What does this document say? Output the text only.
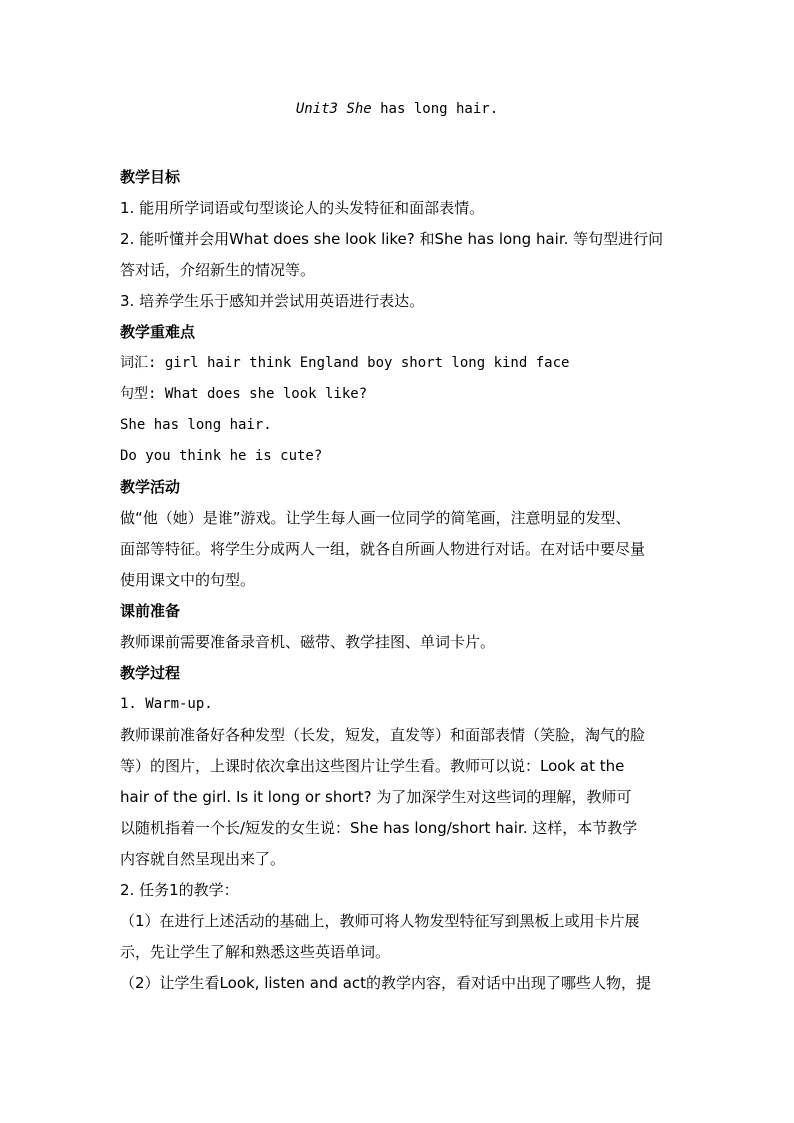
Unit3 She has long hair.
教学目标
1. 能用所学词语或句型谈论人的头发特征和面部表情。
2. 能听懂并会用What does she look like? 和She has long hair. 等句型进行问
答对话，介绍新生的情况等。
3. 培养学生乐于感知并尝试用英语进行表达。
教学重难点
词汇: girl hair think England boy short long kind face
句型: What does she look like?
She has long hair.
Do you think he is cute?
教学活动
做“他（她）是谁”游戏。让学生每人画一位同学的简笔画，注意明显的发型、
面部等特征。将学生分成两人一组，就各自所画人物进行对话。在对话中要尽量
使用课文中的句型。
课前准备
教师课前需要准备录音机、磁带、教学挂图、单词卡片。
教学过程
1. Warm-up.
教师课前准备好各种发型（长发，短发，直发等）和面部表情（笑脸，淘气的脸
等）的图片，上课时依次拿出这些图片让学生看。教师可以说：Look at the
hair of the girl. Is it long or short? 为了加深学生对这些词的理解，教师可
以随机指着一个长/短发的女生说：She has long/short hair. 这样，本节教学
内容就自然呈现出来了。
2. 任务1的教学：
（1）在进行上述活动的基础上，教师可将人物发型特征写到黑板上或用卡片展
示，先让学生了解和熟悉这些英语单词。
（2）让学生看Look, listen and act的教学内容，看对话中出现了哪些人物，提
